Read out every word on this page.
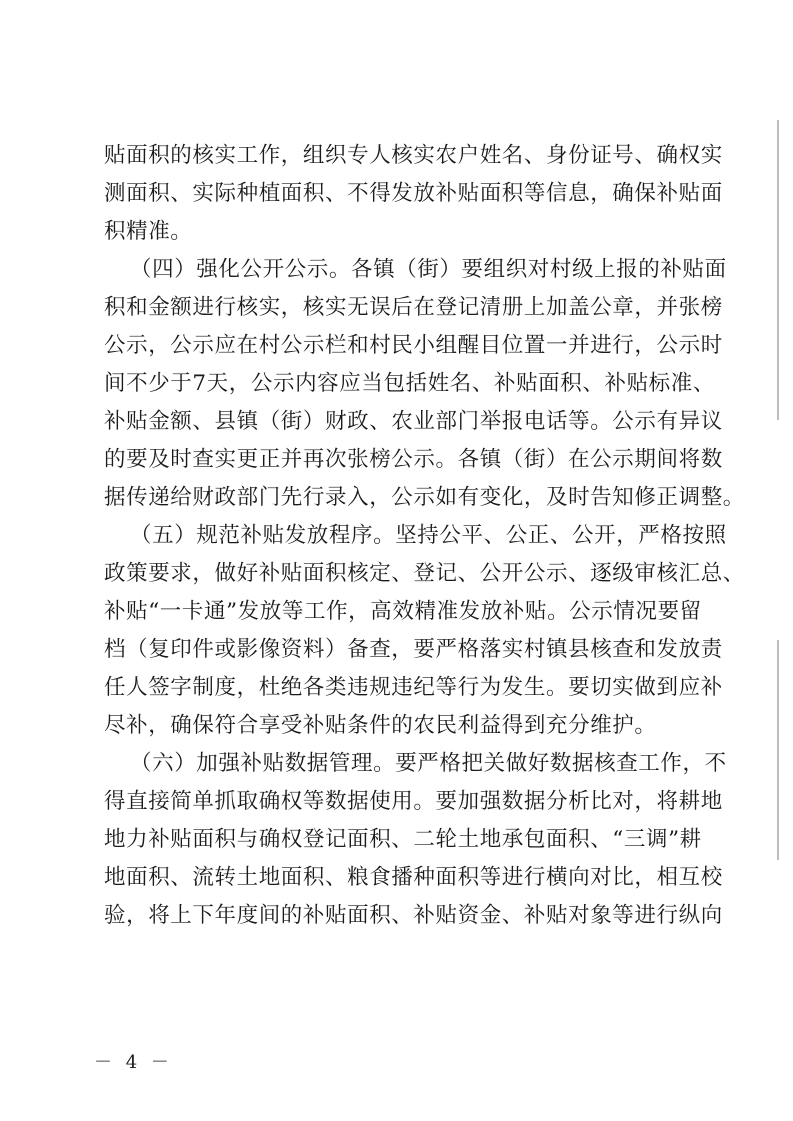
贴面积的核实工作，组织专人核实农户姓名、身份证号、确权实
测面积、实际种植面积、不得发放补贴面积等信息，确保补贴面
积精准。
（四）强化公开公示。各镇（街）要组织对村级上报的补贴面
积和金额进行核实，核实无误后在登记清册上加盖公章，并张榜
公示，公示应在村公示栏和村民小组醒目位置一并进行，公示时
间不少于7天，公示内容应当包括姓名、补贴面积、补贴标准、
补贴金额、县镇（街）财政、农业部门举报电话等。公示有异议
的要及时查实更正并再次张榜公示。各镇（街）在公示期间将数
据传递给财政部门先行录入，公示如有变化，及时告知修正调整。
（五）规范补贴发放程序。坚持公平、公正、公开，严格按照
政策要求，做好补贴面积核定、登记、公开公示、逐级审核汇总、
补贴“一卡通”发放等工作，高效精准发放补贴。公示情况要留
档（复印件或影像资料）备查，要严格落实村镇县核查和发放责
任人签字制度，杜绝各类违规违纪等行为发生。要切实做到应补
尽补，确保符合享受补贴条件的农民利益得到充分维护。
（六）加强补贴数据管理。要严格把关做好数据核查工作，不
得直接简单抓取确权等数据使用。要加强数据分析比对，将耕地
地力补贴面积与确权登记面积、二轮土地承包面积、“三调”耕
地面积、流转土地面积、粮食播种面积等进行横向对比，相互校
验，将上下年度间的补贴面积、补贴资金、补贴对象等进行纵向
－ 4 －
